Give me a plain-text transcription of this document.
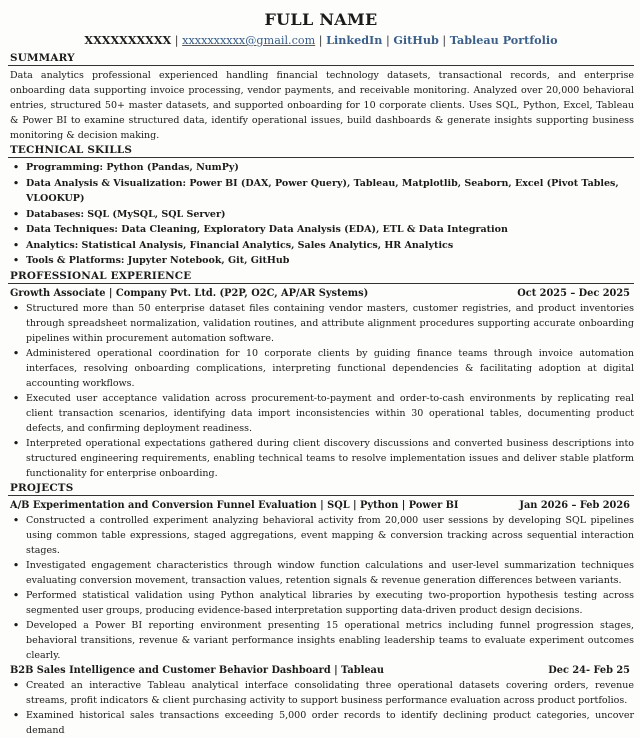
FULL NAME
XXXXXXXXXX | xxxxxxxxxx@gmail.com | LinkedIn | GitHub | Tableau Portfolio
SUMMARY
Data analytics professional experienced handling financial technology datasets, transactional records, and enterprise onboarding data supporting invoice processing, vendor payments, and receivable monitoring. Analyzed over 20,000 behavioral entries, structured 50+ master datasets, and supported onboarding for 10 corporate clients. Uses SQL, Python, Excel, Tableau & Power BI to examine structured data, identify operational issues, build dashboards & generate insights supporting business monitoring & decision making.
TECHNICAL SKILLS
• Programming: Python (Pandas, NumPy)
• Data Analysis & Visualization: Power BI (DAX, Power Query), Tableau, Matplotlib, Seaborn, Excel (Pivot Tables, VLOOKUP)
• Databases: SQL (MySQL, SQL Server)
• Data Techniques: Data Cleaning, Exploratory Data Analysis (EDA), ETL & Data Integration
• Analytics: Statistical Analysis, Financial Analytics, Sales Analytics, HR Analytics
• Tools & Platforms: Jupyter Notebook, Git, GitHub
PROFESSIONAL EXPERIENCE
Growth Associate | Company Pvt. Ltd. (P2P, O2C, AP/AR Systems)	Oct 2025 – Dec 2025
• Structured more than 50 enterprise dataset files containing vendor masters, customer registries, and product inventories through spreadsheet normalization, validation routines, and attribute alignment procedures supporting accurate onboarding pipelines within procurement automation software.
• Administered operational coordination for 10 corporate clients by guiding finance teams through invoice automation interfaces, resolving onboarding complications, interpreting functional dependencies & facilitating adoption at digital accounting workflows.
• Executed user acceptance validation across procurement-to-payment and order-to-cash environments by replicating real client transaction scenarios, identifying data import inconsistencies within 30 operational tables, documenting product defects, and confirming deployment readiness.
• Interpreted operational expectations gathered during client discovery discussions and converted business descriptions into structured engineering requirements, enabling technical teams to resolve implementation issues and deliver stable platform functionality for enterprise onboarding.
PROJECTS
A/B Experimentation and Conversion Funnel Evaluation | SQL | Python | Power BI	Jan 2026 – Feb 2026
• Constructed a controlled experiment analyzing behavioral activity from 20,000 user sessions by developing SQL pipelines using common table expressions, staged aggregations, event mapping & conversion tracking across sequential interaction stages.
• Investigated engagement characteristics through window function calculations and user-level summarization techniques evaluating conversion movement, transaction values, retention signals & revenue generation differences between variants.
• Performed statistical validation using Python analytical libraries by executing two-proportion hypothesis testing across segmented user groups, producing evidence-based interpretation supporting data-driven product design decisions.
• Developed a Power BI reporting environment presenting 15 operational metrics including funnel progression stages, behavioral transitions, revenue & variant performance insights enabling leadership teams to evaluate experiment outcomes clearly.
B2B Sales Intelligence and Customer Behavior Dashboard | Tableau	Dec 24- Feb 25
• Created an interactive Tableau analytical interface consolidating three operational datasets covering orders, revenue streams, profit indicators & client purchasing activity to support business performance evaluation across product portfolios.
• Examined historical sales transactions exceeding 5,000 order records to identify declining product categories, uncover demand
